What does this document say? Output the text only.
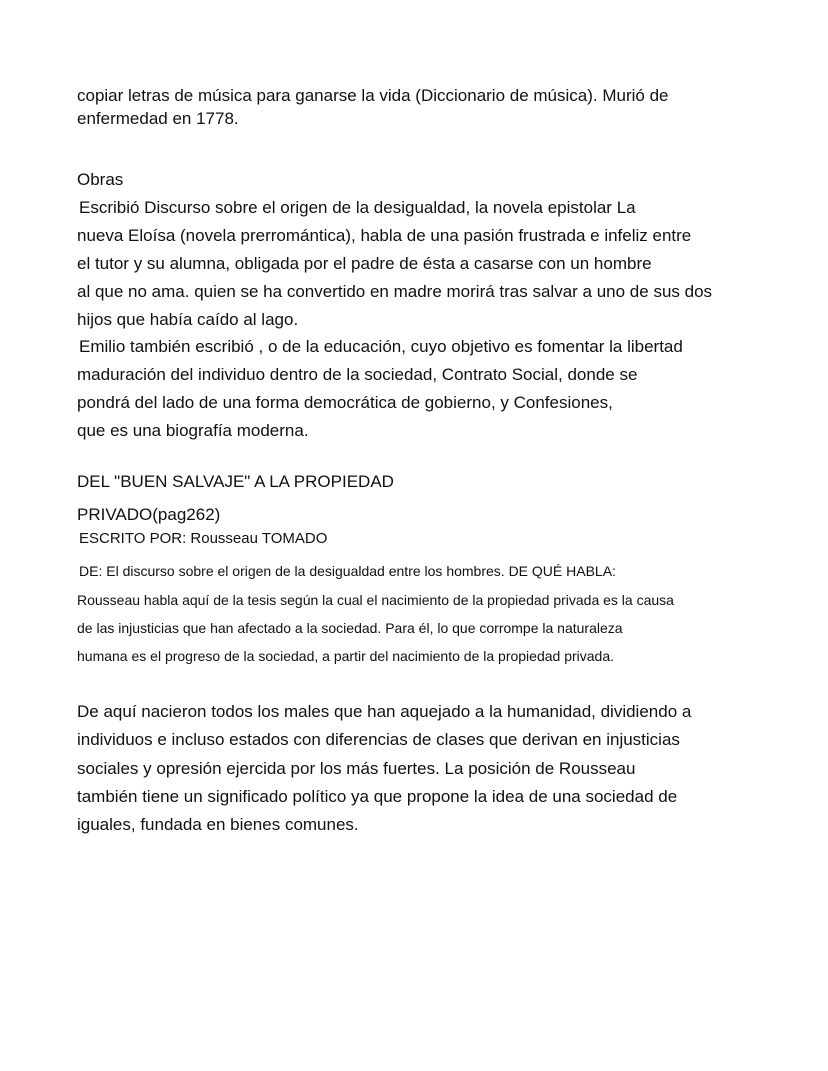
copiar letras de música para ganarse la vida (Diccionario de música). Murió de

enfermedad en 1778.

Obras

Escribió Discurso sobre el origen de la desigualdad, la novela epistolar La

nueva Eloísa (novela prerromántica), habla de una pasión frustrada e infeliz entre

el tutor y su alumna, obligada por el padre de ésta a casarse con un hombre

al que no ama. quien se ha convertido en madre morirá tras salvar a uno de sus dos

hijos que había caído al lago.

Emilio también escribió , o de la educación, cuyo objetivo es fomentar la libertad

maduración del individuo dentro de la sociedad, Contrato Social, donde se

pondrá del lado de una forma democrática de gobierno, y Confesiones,

que es una biografía moderna.

DEL "BUEN SALVAJE" A LA PROPIEDAD

PRIVADO(pag262)

ESCRITO POR: Rousseau TOMADO

DE: El discurso sobre el origen de la desigualdad entre los hombres. DE QUÉ HABLA:

Rousseau habla aquí de la tesis según la cual el nacimiento de la propiedad privada es la causa

de las injusticias que han afectado a la sociedad. Para él, lo que corrompe la naturaleza

humana es el progreso de la sociedad, a partir del nacimiento de la propiedad privada.

De aquí nacieron todos los males que han aquejado a la humanidad, dividiendo a

individuos e incluso estados con diferencias de clases que derivan en injusticias

sociales y opresión ejercida por los más fuertes. La posición de Rousseau

también tiene un significado político ya que propone la idea de una sociedad de

iguales, fundada en bienes comunes.
